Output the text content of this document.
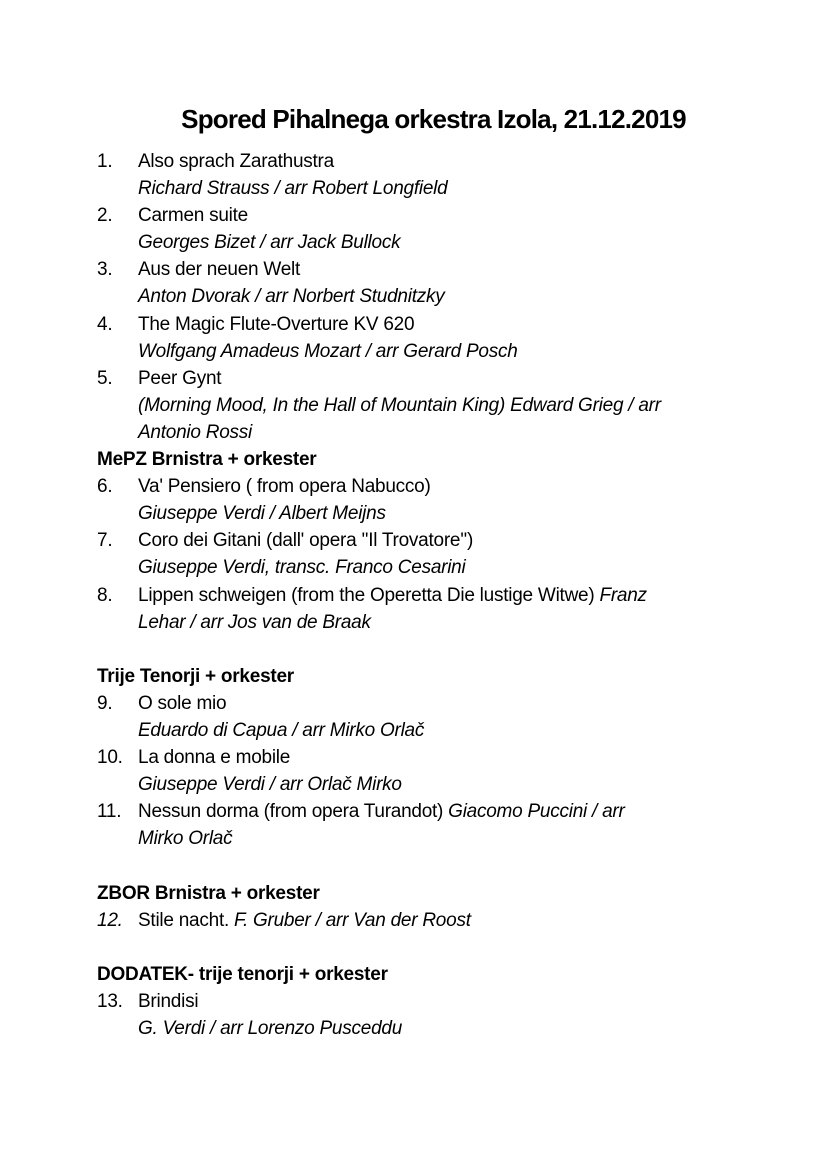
Spored Pihalnega orkestra Izola, 21.12.2019
1.	Also sprach Zarathustra
Richard Strauss / arr Robert Longfield
2.	Carmen suite
Georges Bizet / arr Jack Bullock
3.	Aus der neuen Welt
Anton Dvorak / arr Norbert Studnitzky
4.	The Magic Flute-Overture KV 620
Wolfgang Amadeus Mozart / arr Gerard Posch
5.	Peer Gynt
(Morning Mood, In the Hall of Mountain King) Edward Grieg / arr
Antonio Rossi
MePZ Brnistra + orkester
6.	Va' Pensiero ( from opera Nabucco)
Giuseppe Verdi / Albert Meijns
7.	Coro dei Gitani (dall' opera ''Il Trovatore'')
Giuseppe Verdi, transc. Franco Cesarini
8.	Lippen schweigen (from the Operetta Die lustige Witwe) Franz
Lehar / arr Jos van de Braak
Trije Tenorji + orkester
9.	O sole mio
Eduardo di Capua / arr Mirko Orlač
10. La donna e mobile
Giuseppe Verdi / arr Orlač Mirko
11. Nessun dorma (from opera Turandot) Giacomo Puccini / arr
Mirko Orlač
ZBOR Brnistra + orkester
12. Stile nacht. F. Gruber / arr Van der Roost
DODATEK- trije tenorji + orkester
13. Brindisi
G. Verdi / arr Lorenzo Pusceddu
